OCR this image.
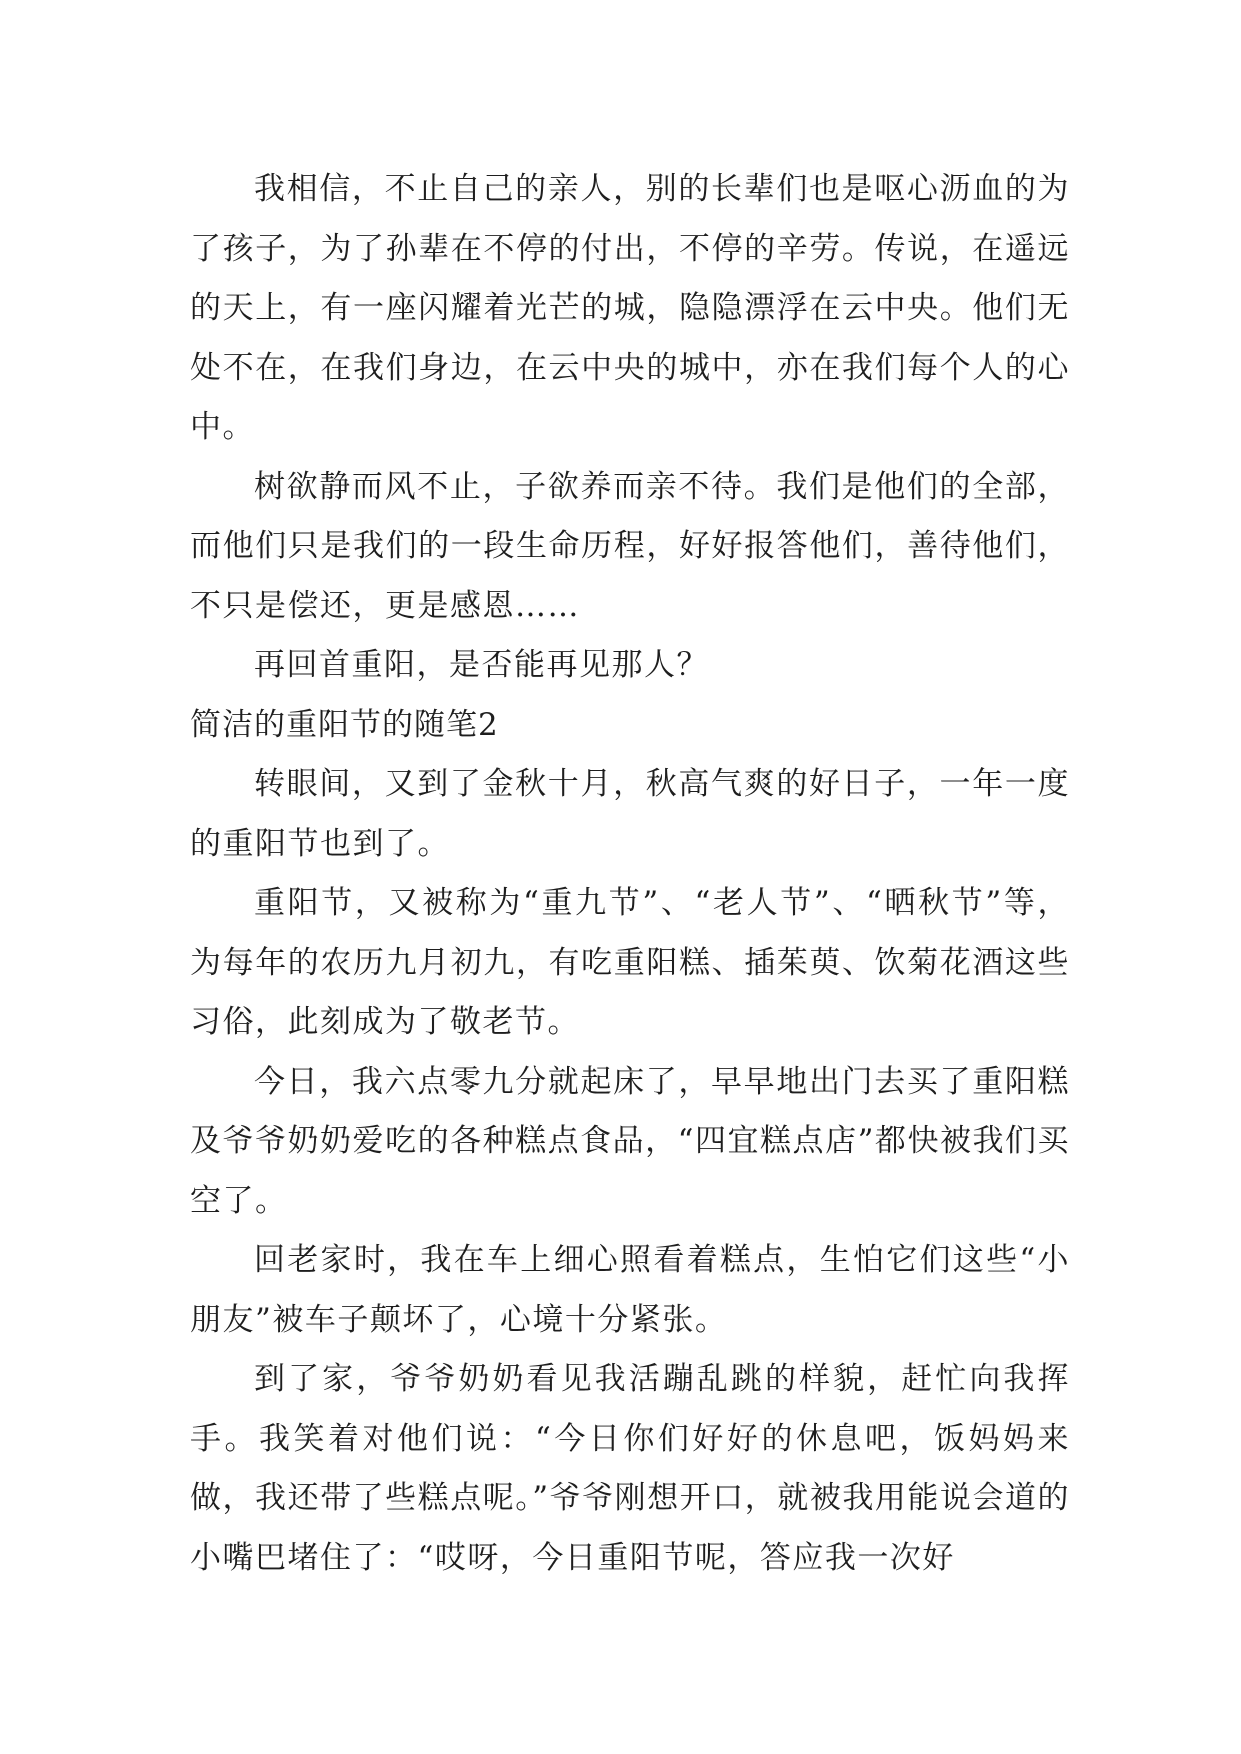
我相信，不止自己的亲人，别的长辈们也是呕心沥血的为了孩子，为了孙辈在不停的付出，不停的辛劳。传说，在遥远的天上，有一座闪耀着光芒的城，隐隐漂浮在云中央。他们无处不在，在我们身边，在云中央的城中，亦在我们每个人的心中。

树欲静而风不止，子欲养而亲不待。我们是他们的全部，而他们只是我们的一段生命历程，好好报答他们，善待他们，不只是偿还，更是感恩……

再回首重阳，是否能再见那人？

简洁的重阳节的随笔2

转眼间，又到了金秋十月，秋高气爽的好日子，一年一度的重阳节也到了。

重阳节，又被称为“重九节”、“老人节”、“晒秋节”等，为每年的农历九月初九，有吃重阳糕、插茱萸、饮菊花酒这些习俗，此刻成为了敬老节。

今日，我六点零九分就起床了，早早地出门去买了重阳糕及爷爷奶奶爱吃的各种糕点食品，“四宜糕点店”都快被我们买空了。

回老家时，我在车上细心照看着糕点，生怕它们这些“小朋友”被车子颠坏了，心境十分紧张。

到了家，爷爷奶奶看见我活蹦乱跳的样貌，赶忙向我挥手。我笑着对他们说：“今日你们好好的休息吧，饭妈妈来做，我还带了些糕点呢。”爷爷刚想开口，就被我用能说会道的小嘴巴堵住了：“哎呀，今日重阳节呢，答应我一次好
